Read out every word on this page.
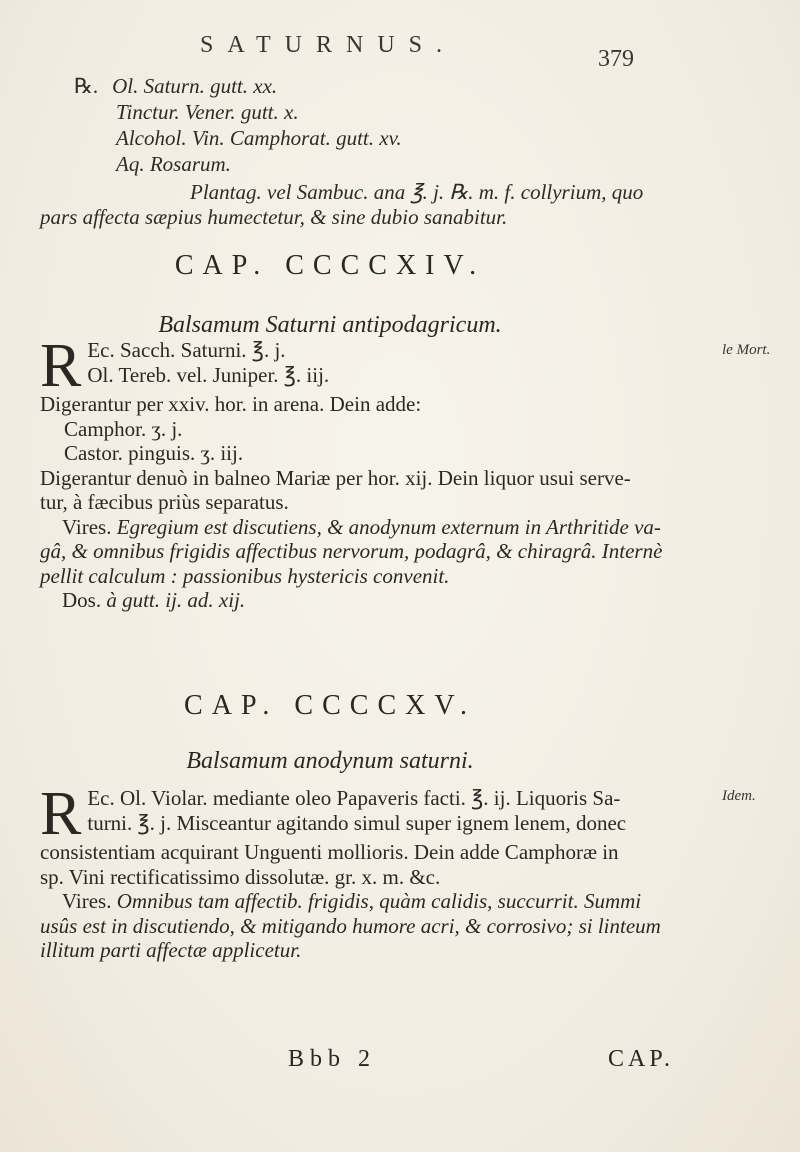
SATURNUS.
379
℞. Ol. Saturn. gutt. xx.
Tinctur. Vener. gutt. x.
Alcohol. Vin. Camphorat. gutt. xv.
Aq. Rosarum.
Plantag. vel Sambuc. ana ℥. j. ℞. m. f. collyrium, quo
pars affecta sæpius humectetur, & sine dubio sanabitur.
CAP. CCCCXIV.
Balsamum Saturni antipodagricum.
le Mort.
R Ec. Sacch. Saturni. ℥. j.
Ol. Tereb. vel. Juniper. ℥. iij.
Digerantur per xxiv. hor. in arena. Dein adde:
Camphor. ʒ. j.
Castor. pinguis. ʒ. iij.
Digerantur denuò in balneo Mariæ per hor. xij. Dein liquor usui serve-
tur, à fæcibus priùs separatus.
Vires. Egregium est discutiens, & anodynum externum in Arthritide va-
gâ, & omnibus frigidis affectibus nervorum, podagrâ, & chiragrâ. Internè
pellit calculum : passionibus hystericis convenit.
Dos. à gutt. ij. ad. xij.
CAP. CCCCXV.
Balsamum anodynum saturni.
Idem.
R Ec. Ol. Violar. mediante oleo Papaveris facti. ℥. ij. Liquoris Sa-
turni. ℥. j. Misceantur agitando simul super ignem lenem, donec
consistentiam acquirant Unguenti mollioris. Dein adde Camphoræ in
sp. Vini rectificatissimo dissolutæ. gr. x. m. &c.
Vires. Omnibus tam affectib. frigidis, quàm calidis, succurrit. Summi
usûs est in discutiendo, & mitigando humore acri, & corrosivo; si linteum
illitum parti affectæ applicetur.
Bbb 2	CAP.
